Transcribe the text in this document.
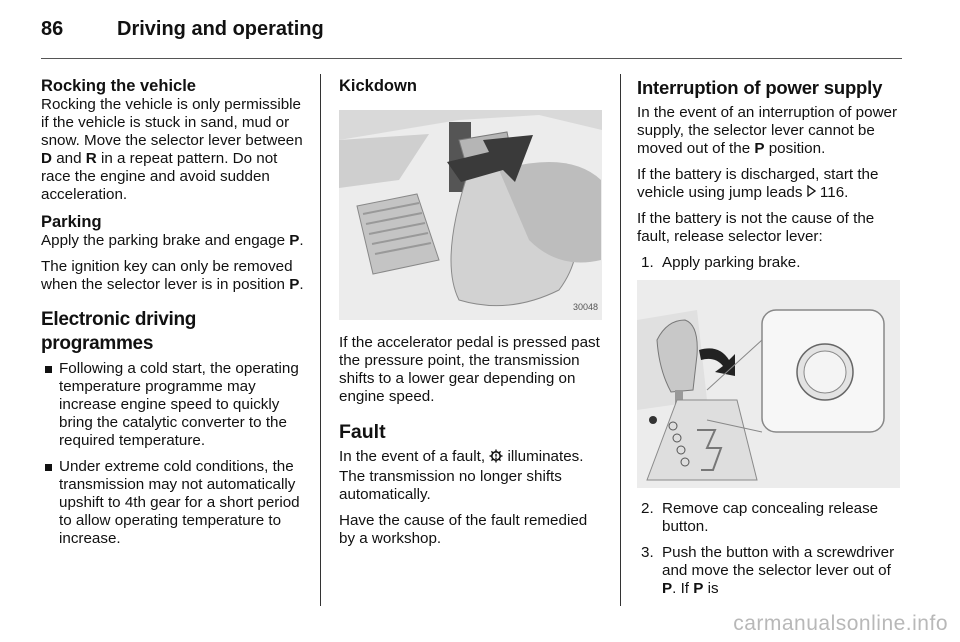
86	Driving and operating
Rocking the vehicle

Rocking the vehicle is only permissible if the vehicle is stuck in sand, mud or snow. Move the selector lever between D and R in a repeat pattern. Do not race the engine and avoid sudden acceleration.

Parking

Apply the parking brake and engage P.

The ignition key can only be removed when the selector lever is in position P.

Electronic driving programmes
Following a cold start, the operating temperature programme may increase engine speed to quickly bring the catalytic converter to the required temperature.
Under extreme cold conditions, the transmission may not automatically upshift to 4th gear for a short period to allow operating temperature to increase.
Kickdown
30048

If the accelerator pedal is pressed past the pressure point, the transmission shifts to a lower gear depending on engine speed.

Fault

In the event of a fault,  illuminates. The transmission no longer shifts automatically.

Have the cause of the fault remedied by a workshop.

Interruption of power supply

In the event of an interruption of power supply, the selector lever cannot be moved out of the P position.

If the battery is discharged, start the vehicle using jump leads  116.

If the battery is not the cause of the fault, release selector lever:

1. Apply parking brake.
2. Remove cap concealing release button.
3. Push the button with a screwdriver and move the selector lever out of P. If P is
carmanualsonline.info
